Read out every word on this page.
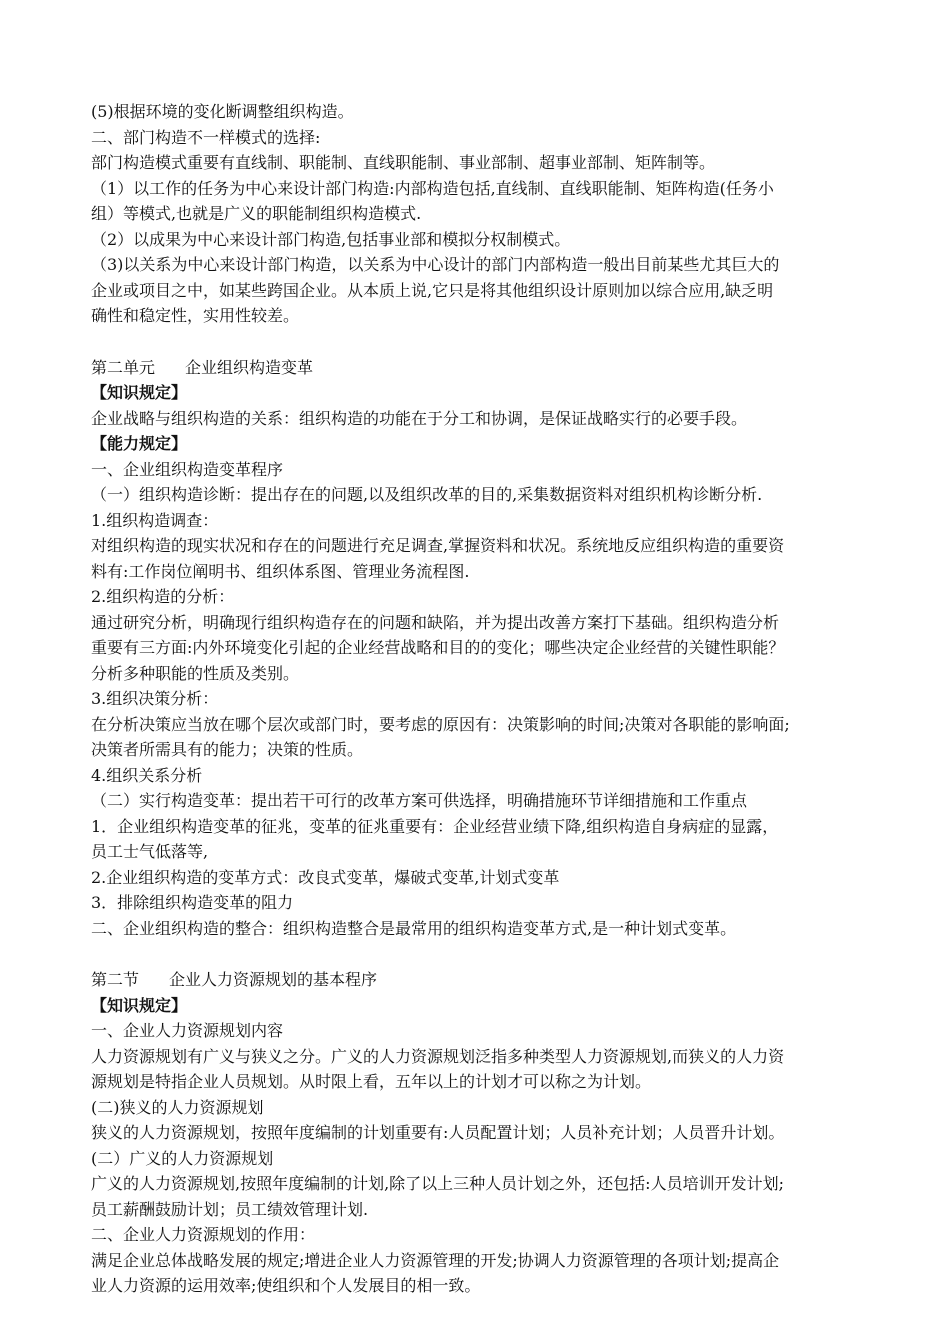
(5)根据环境的变化断调整组织构造。
二、部门构造不一样模式的选择:
部门构造模式重要有直线制、职能制、直线职能制、事业部制、超事业部制、矩阵制等。
（1）以工作的任务为中心来设计部门构造:内部构造包括,直线制、直线职能制、矩阵构造(任务小
组）等模式,也就是广义的职能制组织构造模式.
（2）以成果为中心来设计部门构造,包括事业部和模拟分权制模式。
（3)以关系为中心来设计部门构造，以关系为中心设计的部门内部构造一般出目前某些尤其巨大的
企业或项目之中，如某些跨国企业。从本质上说,它只是将其他组织设计原则加以综合应用,缺乏明
确性和稳定性，实用性较差。
第二单元 企业组织构造变革
【知识规定】
企业战略与组织构造的关系：组织构造的功能在于分工和协调，是保证战略实行的必要手段。
【能力规定】
一、企业组织构造变革程序
（一）组织构造诊断：提出存在的问题,以及组织改革的目的,采集数据资料对组织机构诊断分析.
1.组织构造调查：
对组织构造的现实状况和存在的问题进行充足调查,掌握资料和状况。系统地反应组织构造的重要资
料有:工作岗位阐明书、组织体系图、管理业务流程图.
2.组织构造的分析：
通过研究分析，明确现行组织构造存在的问题和缺陷，并为提出改善方案打下基础。组织构造分析
重要有三方面:内外环境变化引起的企业经营战略和目的的变化；哪些决定企业经营的关键性职能？
分析多种职能的性质及类别。
3.组织决策分析：
在分析决策应当放在哪个层次或部门时，要考虑的原因有：决策影响的时间;决策对各职能的影响面;
决策者所需具有的能力；决策的性质。
4.组织关系分析
（二）实行构造变革：提出若干可行的改革方案可供选择，明确措施环节详细措施和工作重点
1．企业组织构造变革的征兆，变革的征兆重要有：企业经营业绩下降,组织构造自身病症的显露，
员工士气低落等,
2.企业组织构造的变革方式：改良式变革，爆破式变革,计划式变革
3．排除组织构造变革的阻力
二、企业组织构造的整合：组织构造整合是最常用的组织构造变革方式,是一种计划式变革。
第二节 企业人力资源规划的基本程序
【知识规定】
一、企业人力资源规划内容
人力资源规划有广义与狭义之分。广义的人力资源规划泛指多种类型人力资源规划,而狭义的人力资
源规划是特指企业人员规划。从时限上看，五年以上的计划才可以称之为计划。
(二)狭义的人力资源规划
狭义的人力资源规划，按照年度编制的计划重要有:人员配置计划；人员补充计划；人员晋升计划。
(二）广义的人力资源规划
广义的人力资源规划,按照年度编制的计划,除了以上三种人员计划之外，还包括:人员培训开发计划;
员工薪酬鼓励计划；员工绩效管理计划.
二、企业人力资源规划的作用：
满足企业总体战略发展的规定;增进企业人力资源管理的开发;协调人力资源管理的各项计划;提高企
业人力资源的运用效率;使组织和个人发展目的相一致。
